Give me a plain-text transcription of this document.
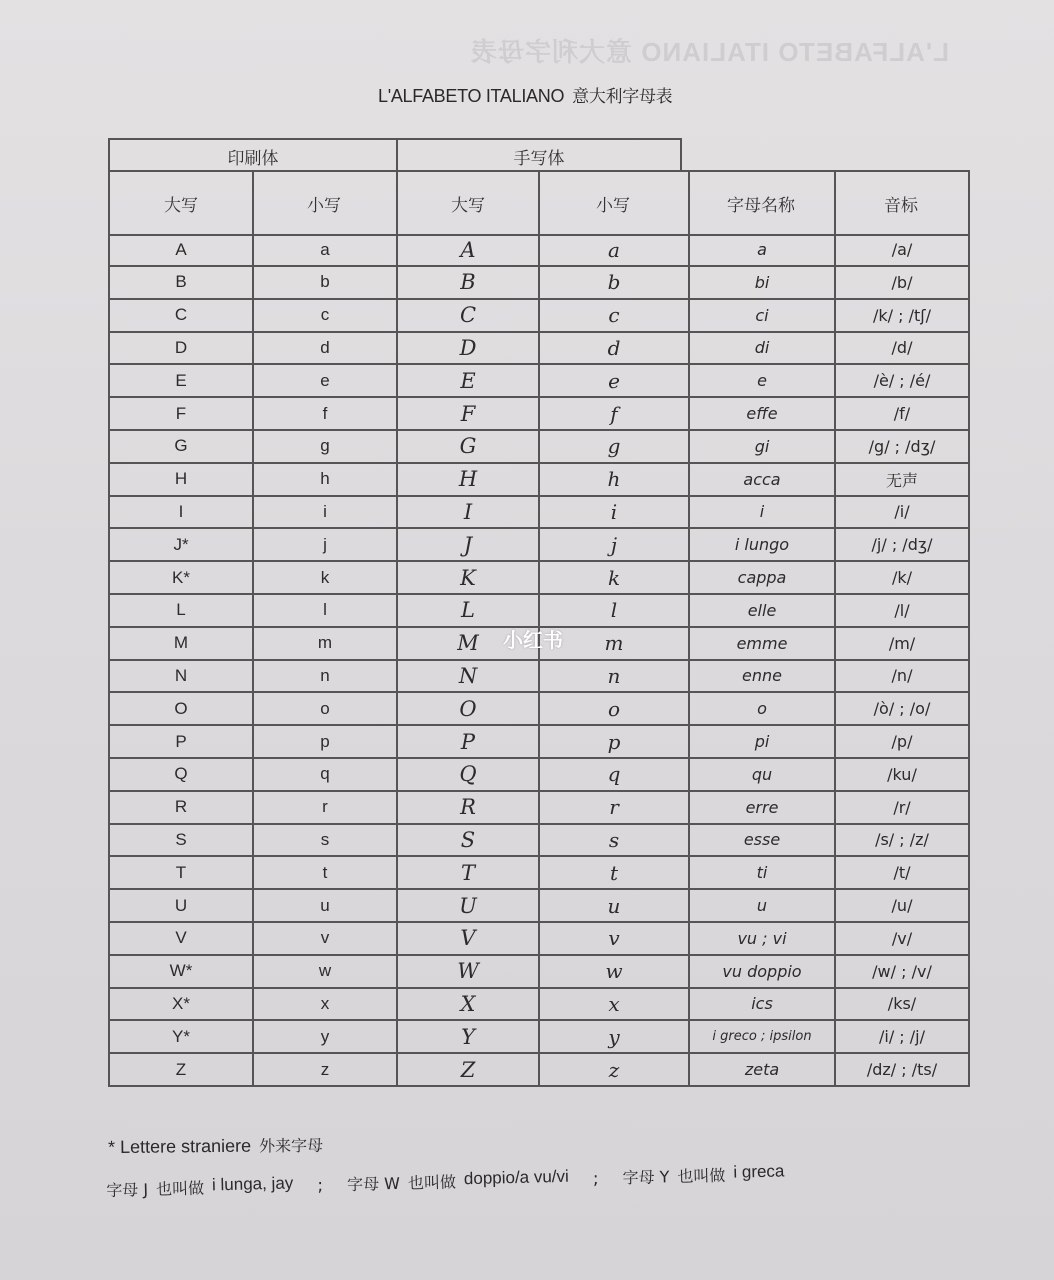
L'ALFABETO ITALIANO 意大利字母表
L'ALFABETO ITALIANO 意大利字母表
印刷体	手写体
大写	小写	大写	小写	字母名称	音标
A	a	A	a	a	/a/
B	b	B	b	bi	/b/
C	c	C	c	ci	/k/ ; /tʃ/
D	d	D	d	di	/d/
E	e	E	e	e	/è/ ; /é/
F	f	F	f	effe	/f/
G	g	G	g	gi	/g/ ; /dʒ/
H	h	H	h	acca	无声
I	i	I	i	i	/i/
J*	j	J	j	i lungo	/j/ ; /dʒ/
K*	k	K	k	cappa	/k/
L	l	L	l	elle	/l/
M	m	M	m	emme	/m/
N	n	N	n	enne	/n/
O	o	O	o	o	/ò/ ; /o/
P	p	P	p	pi	/p/
Q	q	Q	q	qu	/ku/
R	r	R	r	erre	/r/
S	s	S	s	esse	/s/ ; /z/
T	t	T	t	ti	/t/
U	u	U	u	u	/u/
V	v	V	v	vu ; vi	/v/
W*	w	W	w	vu doppio	/w/ ; /v/
X*	x	X	x	ics	/ks/
Y*	y	Y	y	i greco ; ipsilon	/i/ ; /j/
Z	z	Z	z	zeta	/dz/ ; /ts/
小红书
* Lettere straniere 外来字母
字母 J 也叫做 i lunga, jay ; 字母 W 也叫做 doppio/a vu/vi ; 字母 Y 也叫做 i greca
